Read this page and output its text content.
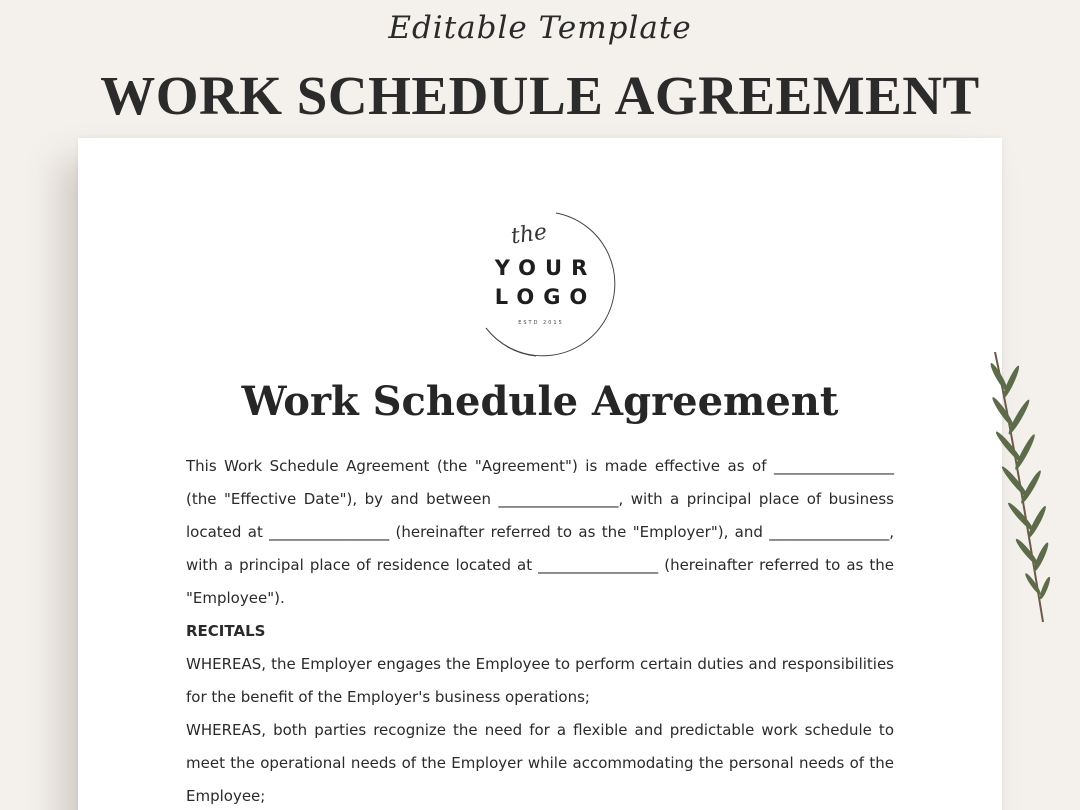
Editable Template
WORK SCHEDULE AGREEMENT
the
YOUR
LOGO
ESTD 2015
Work Schedule Agreement

This Work Schedule Agreement (the "Agreement") is made effective as of ________________ (the "Effective Date"), by and between ________________, with a principal place of business located at ________________ (hereinafter referred to as the "Employer"), and ________________, with a principal place of residence located at ________________ (hereinafter referred to as the "Employee").

RECITALS

WHEREAS, the Employer engages the Employee to perform certain duties and responsibilities for the benefit of the Employer's business operations;

WHEREAS, both parties recognize the need for a flexible and predictable work schedule to meet the operational needs of the Employer while accommodating the personal needs of the Employee;
